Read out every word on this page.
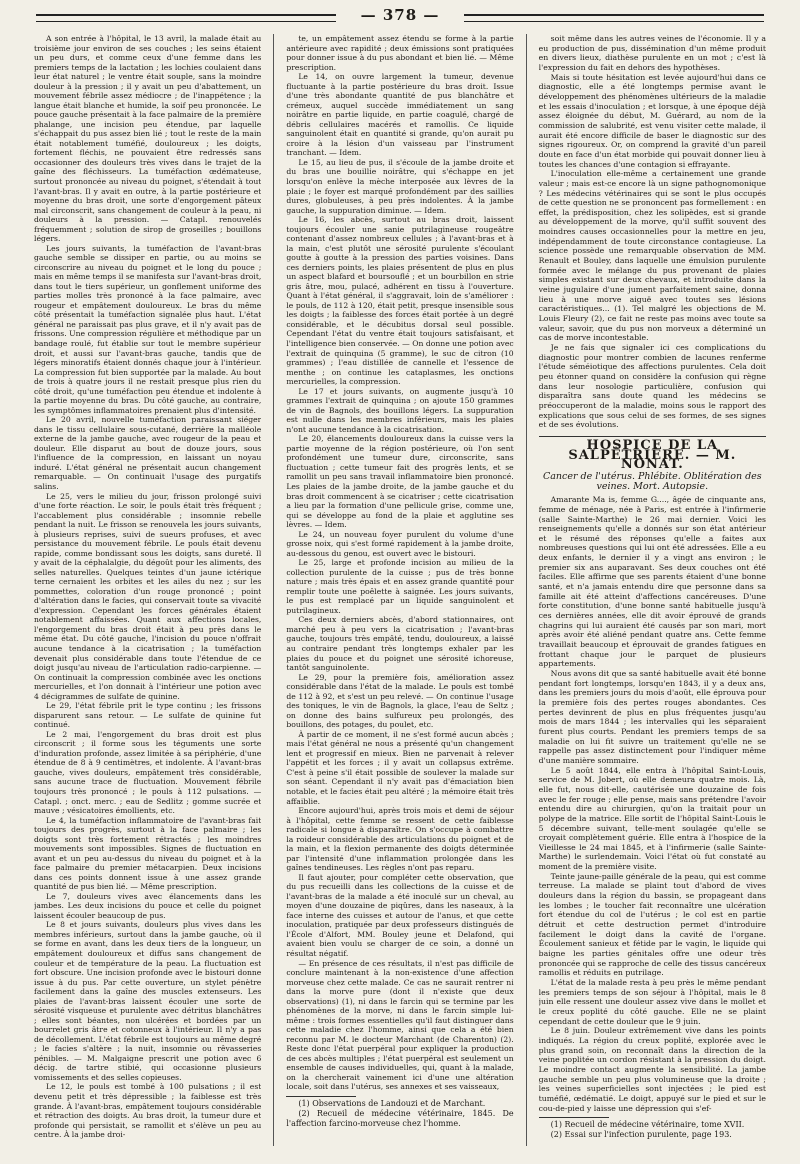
— 378 —

A son entrée à l'hôpital, le 13 avril, la malade était au troisième jour environ de ses couches ; les seins étaient un peu durs, et comme ceux d'une femme dans les premiers temps de la lactation ; les lochies coulaient dans leur état naturel ; le ventre était souple, sans la moindre douleur à la pression ; il y avait un peu d'abattement, un mouvement fébrile assez médiocre ; de l'inappétence ; la langue était blanche et humide, la soif peu prononcée. Le pouce gauche présentait à la face palmaire de la première phalange, une incision peu étendue, par laquelle s'échappait du pus assez bien lié ; tout le reste de la main était notablement tuméfié, douloureux ; les doigts, fortement fléchis, ne pouvaient être redressés sans occasionner des douleurs très vives dans le trajet de la gaîne des fléchisseurs. La tuméfaction œdémateuse, surtout prononcée au niveau du poignet, s'étendait à tout l'avant-bras. Il y avait en outre, à la partie postérieure et moyenne du bras droit, une sorte d'engorgement pâteux mal circonscrit, sans changement de couleur à la peau, ni douleurs à la pression. — Catapl. renouvelés fréquemment ; solution de sirop de groseilles ; bouillons légers.

Les jours suivants, la tuméfaction de l'avant-bras gauche semble se dissiper en partie, ou au moins se circonscrire au niveau du poignet et le long du pouce ; mais en même temps il se manifesta sur l'avant-bras droit, dans tout le tiers supérieur, un gonflement uniforme des parties molles très prononcé à la face palmaire, avec rougeur et empâtement douloureux. Le bras du même côté présentait la tuméfaction signalée plus haut. L'état général ne paraissait pas plus grave, et il n'y avait pas de frissons. Une compression régulière et méthodique par un bandage roulé, fut établie sur tout le membre supérieur droit, et aussi sur l'avant-bras gauche, tandis que de légers minoratifs étaient donnés chaque jour à l'intérieur. La compression fut bien supportée par la malade. Au bout de trois à quatre jours il ne restait presque plus rien du côté droit, qu'une tuméfaction peu étendue et indolente à la partie moyenne du bras. Du côté gauche, au contraire, les symptômes inflammatoires prenaient plus d'intensité.

Le 20 avril, nouvelle tuméfaction paraissant siéger dans le tissu cellulaire sous-cutané, derrière la malléole externe de la jambe gauche, avec rougeur de la peau et douleur. Elle disparut au bout de douze jours, sous l'influence de la compression, en laissant un noyau induré. L'état général ne présentait aucun changement remarquable. — On continuait l'usage des purgatifs salins.

Le 25, vers le milieu du jour, frisson prolongé suivi d'une forte réaction. Le soir, le pouls était très fréquent ; l'accablement plus considérable ; insomnie rebelle pendant la nuit. Le frisson se renouvela les jours suivants, à plusieurs reprises, suivi de sueurs profuses, et avec persistance du mouvement fébrile. Le pouls était devenu rapide, comme bondissant sous les doigts, sans dureté. Il y avait de la céphalalgie, du dégoût pour les aliments, des selles naturelles. Quelques teintes d'un jaune ictérique terne cernaient les orbites et les ailes du nez ; sur les pommettes, coloration d'un rouge prononcé ; point d'altération dans le facies, qui conservait toute sa vivacité d'expression. Cependant les forces générales étaient notablement affaissées. Quant aux affections locales, l'engorgement du bras droit était à peu près dans le même état. Du côté gauche, l'incision du pouce n'offrait aucune tendance à la cicatrisation ; la tuméfaction devenait plus considérable dans toute l'étendue de ce doigt jusqu'au niveau de l'articulation radio-carpienne. — On continuait la compression combinée avec les onctions mercurielles, et l'on donnait à l'intérieur une potion avec 4 décigrammes de sulfate de quinine.

Le 29, l'état fébrile prit le type continu ; les frissons disparurent sans retour. — Le sulfate de quinine fut continué.

Le 2 mai, l'engorgement du bras droit est plus circonscrit ; il forme sous les téguments une sorte d'induration profonde, assez limitée à sa périphérie, d'une étendue de 8 à 9 centimètres, et indolente. À l'avant-bras gauche, vives douleurs, empâtement très considérable, sans aucune trace de fluctuation. Mouvement fébrile toujours très prononcé ; le pouls à 112 pulsations. — Catapl. ; onct. merc. ; eau de Sedlitz ; gomme sucrée et mauve ; vésicatoires émollients, etc.

Le 4, la tuméfaction inflammatoire de l'avant-bras fait toujours des progrès, surtout à la face palmaire ; les doigts sont très fortement rétractés ; les moindres mouvements sont impossibles. Signes de fluctuation en avant et un peu au-dessus du niveau du poignet et à la face palmaire du premier métacarpien. Deux incisions dans ces points donnent issue à une assez grande quantité de pus bien lié. — Même prescription.

Le 7, douleurs vives avec élancements dans les jambes. Les deux incisions du pouce et celle du poignet laissent écouler beaucoup de pus.

Le 8 et jours suivants, douleurs plus vives dans les membres inférieurs, surtout dans la jambe gauche, où il se forme en avant, dans les deux tiers de la longueur, un empâtement douloureux et diffus sans changement de couleur et de température de la peau. La fluctuation est fort obscure. Une incision profonde avec le bistouri donne issue à du pus. Par cette ouverture, un stylet pénètre facilement dans la gaîne des muscles extenseurs. Les plaies de l'avant-bras laissent écouler une sorte de sérosité visqueuse et purulente avec détritus blanchâtres ; elles sont béantes, non ulcérées et bordées par un bourrelet gris âtre et cotonneux à l'intérieur. Il n'y a pas de décollement. L'état fébrile est toujours au même degré ; le facies s'altère ; la nuit, insomnie ou rêvasseries pénibles. — M. Malgaigne prescrit une potion avec 6 décig. de tartre stibié, qui occasionne plusieurs vomissements et des selles copieuses.

Le 12, le pouls est tombé à 100 pulsations ; il est devenu petit et très dépressible ; la faiblesse est très grande. À l'avant-bras, empâtement toujours considérable et rétraction des doigts. Au bras droit, la tumeur dure et profonde qui persistait, se ramollit et s'élève un peu au centre. À la jambe droi-

te, un empâtement assez étendu se forme à la partie antérieure avec rapidité ; deux émissions sont pratiquées pour donner issue à du pus abondant et bien lié. — Même prescription.

Le 14, on ouvre largement la tumeur, devenue fluctuante à la partie postérieure du bras droit. Issue d'une très abondante quantité de pus blanchâtre et crémeux, auquel succède immédiatement un sang noirâtre en partie liquide, en partie coagulé, chargé de débris cellulaires macérés et ramollis. Ce liquide sanguinolent était en quantité si grande, qu'on aurait pu croire à la lésion d'un vaisseau par l'instrument tranchant. — Idem.

Le 15, au lieu de pus, il s'écoule de la jambe droite et du bras une bouillie noirâtre, qui s'échappe en jet lorsqu'on enlève la mèche interposée aux lèvres de la plaie ; le foyer est marqué profondément par des saillies dures, globuleuses, à peu près indolentes. À la jambe gauche, la suppuration diminue. — Idem.

Le 16, les abcès, surtout au bras droit, laissent toujours écouler une sanie putrilagineuse rougeâtre contenant d'assez nombreux cellules ; à l'avant-bras et à la main, c'est plutôt une sérosité purulente s'écoulant goutte à goutte à la pression des parties voisines. Dans ces derniers points, les plaies présentent de plus en plus un aspect blafard et boursouflé ; et un bourbillon en strie gris âtre, mou, pulacé, adhérent en tissu à l'ouverture. Quant à l'état général, il s'aggravait, loin de s'améliorer : le pouls, de 112 à 120, était petit, presque insensible sous les doigts ; la faiblesse des forces était portée à un degré considérable, et le décubitus dorsal seul possible. Cependant l'état du ventre était toujours satisfaisant, et l'intelligence bien conservée. — On donne une potion avec l'extrait de quinquina (5 gramme), le suc de citron (10 grammes) ; l'eau distillée de cannelle et l'essence de menthe ; on continue les cataplasmes, les onctions mercurielles, la compression.

Le 17 et jours suivants, on augmente jusqu'à 10 grammes l'extrait de quinquina ; on ajoute 150 grammes de vin de Bagnols, des bouillons légers. La suppuration est nulle dans les membres inférieurs, mais les plaies n'ont aucune tendance à la cicatrisation.

Le 20, élancements douloureux dans la cuisse vers la partie moyenne de la région postérieure, où l'on sent profondément une tumeur dure, circonscrite, sans fluctuation ; cette tumeur fait des progrès lents, et se ramollit un peu sans travail inflammatoire bien prononcé. Les plaies de la jambe droite, de la jambe gauche et du bras droit commencent à se cicatriser ; cette cicatrisation a lieu par la formation d'une pellicule grise, comme une, qui se développe au fond de la plaie et agglutine ses lèvres. — Idem.

Le 24, un nouveau foyer purulent du volume d'une grosse noix, qui s'est formé rapidement à la jambe droite, au-dessous du genou, est ouvert avec le bistouri.

Le 25, large et profonde incision au milieu de la collection purulente de la cuisse ; pus de très bonne nature ; mais très épais et en assez grande quantité pour remplir toute une poêlette à saignée. Les jours suivants, le pus est remplacé par un liquide sanguinolent et putrilagineux.

Ces deux derniers abcès, d'abord stationnaires, ont marché peu à peu vers la cicatrisation ; l'avant-bras gauche, toujours très empâté, tendu, douloureux, a laissé au contraire pendant très longtemps exhaler par les plaies du pouce et du poignet une sérosité ichoreuse, tantôt sanguinolente.

Le 29, pour la première fois, amélioration assez considérable dans l'état de la malade. Le pouls est tombé de 112 à 92, et s'est un peu relevé. — On continue l'usage des toniques, le vin de Bagnols, la glace, l'eau de Seltz ; on donne des bains sulfureux peu prolongés, des bouillons, des potages, du poulet, etc.

À partir de ce moment, il ne s'est formé aucun abcès ; mais l'état général ne nous a présenté qu'un changement lent et progressif en mieux. Bien ne parvenait à relever l'appétit et les forces ; il y avait un collapsus extrême. C'est à peine s'il était possible de soulever la malade sur son séant. Cependant il n'y avait pas d'émaciation bien notable, et le facies était peu altéré ; la mémoire était très affaiblie.

Encore aujourd'hui, après trois mois et demi de séjour à l'hôpital, cette femme se ressent de cette faiblesse radicale si longue à disparaître. On s'occupe à combattre la roideur considérable des articulations du poignet et de la main, et la flexion permanente des doigts déterminée par l'intensité d'une inflammation prolongée dans les gaînes tendineuses. Les règles n'ont pas reparu.

Il faut ajouter, pour compléter cette observation, que du pus recueilli dans les collections de la cuisse et de l'avant-bras de la malade a été inoculé sur un cheval, au moyen d'une douzaine de piqûres, dans les naseaux, à la face interne des cuisses et autour de l'anus, et que cette inoculation, pratiquée par deux professeurs distingués de l'École d'Alfort, MM. Bouley jeune et Delafond, qui avaient bien voulu se charger de ce soin, a donné un résultat négatif.

— En présence de ces résultats, il n'est pas difficile de conclure maintenant à la non-existence d'une affection morveuse chez cette malade. Ce cas ne saurait rentrer ni dans la morve pure (dont il n'existe que deux observations) (1), ni dans le farcin qui se termine par les phénomènes de la morve, ni dans le farcin simple lui-même : trois formes essentielles qu'il faut distinguer dans cette maladie chez l'homme, ainsi que cela a été bien reconnu par M. le docteur Marchant (de Charenton) (2). Reste donc l'état puerpéral pour expliquer la production de ces abcès multiples ; l'état puerpéral est seulement un ensemble de causes individuelles, qui, quant à la malade, on la chercherait vainement ici d'une une altération locale, soit dans l'utérus, ses annexes et ses vaisseaux,

(1) Observations de Landouzi et de Marchant.

(2) Recueil de médecine vétérinaire, 1845. De l'affection farcino-morveuse chez l'homme.

soit même dans les autres veines de l'économie. Il y a eu production de pus, dissémination d'un même produit en divers lieux, diathèse purulente en un mot ; c'est là l'expression du fait en dehors des hypothèses.

Mais si toute hésitation est levée aujourd'hui dans ce diagnostic, elle a été longtemps permise avant le développement des phénomènes ultérieurs de la maladie et les essais d'inoculation ; et lorsque, à une époque déjà assez éloignée du début, M. Guérard, au nom de la commission de salubrité, est venu visiter cette malade, il aurait été encore difficile de baser le diagnostic sur des signes rigoureux. Or, on comprend la gravité d'un pareil doute en face d'un état morbide qui pouvait donner lieu à toutes les chances d'une contagion si effrayante.

L'inoculation elle-même a certainement une grande valeur ; mais est-ce encore là un signe pathognomonique ? Les médecins vétérinaires qui se sont le plus occupés de cette question ne se prononcent pas formellement : en effet, la prédisposition, chez les solipèdes, est si grande au développement de la morve, qu'il suffit souvent des moindres causes occasionnelles pour la mettre en jeu, indépendamment de toute circonstance contagieuse. La science possède une remarquable observation de MM. Renault et Bouley, dans laquelle une émulsion purulente formée avec le mélange du pus provenant de plaies simples existant sur deux chevaux, et introduite dans la veine jugulaire d'une jument parfaitement saine, donna lieu à une morve aiguë avec toutes ses lésions caractéristiques... (1). Tel malgré les objections de M. Louis Fleury (2), ce fait ne reste pas moins avec toute sa valeur, savoir, que du pus non morveux a déterminé un cas de morve incontestable.

Je ne fais que signaler ici ces complications du diagnostic pour montrer combien de lacunes renferme l'étude séméiotique des affections purulentes. Cela doit peu étonner quand on considère la confusion qui règne dans leur nosologie particulière, confusion qui disparaîtra sans doute quand les médecins se préoccuperont de la maladie, moins sous le rapport des explications que sous celui de ses formes, de ses signes et de ses évolutions.

HOSPICE DE LA SALPÊTRIÈRE. — M. NONAT.
Cancer de l'utérus. Phlébite. Oblitération des veines. Mort. Autopsie.

Amarante Ma is, femme G...., âgée de cinquante ans, femme de ménage, née à Paris, est entrée à l'infirmerie (salle Sainte-Marthe) le 26 mai dernier. Voici les renseignements qu'elle a donnés sur son état antérieur et le résumé des réponses qu'elle a faites aux nombreuses questions qui lui ont été adressées. Elle a eu deux enfants, le dernier il y a vingt ans environ ; le premier six ans auparavant. Ses deux couches ont été faciles. Elle affirme que ses parents étaient d'une bonne santé, et n'a jamais entendu dire que personne dans sa famille ait été atteint d'affections cancéreuses. D'une forte constitution, d'une bonne santé habituelle jusqu'à ces dernières années, elle dit avoir éprouvé de grands chagrins qui lui auraient été causés par son mari, mort après avoir été aliéné pendant quatre ans. Cette femme travaillait beaucoup et éprouvait de grandes fatigues en frottant chaque jour le parquet de plusieurs appartements.

Nous avons dit que sa santé habituelle avait été bonne pendant fort longtemps, lorsqu'en 1843, il y a deux ans, dans les premiers jours du mois d'août, elle éprouva pour la première fois des pertes rouges abondantes. Ces pertes devinrent de plus en plus fréquentes jusqu'au mois de mars 1844 ; les intervalles qui les séparaient furent plus courts. Pendant les premiers temps de sa maladie on lui fit suivre un traitement qu'elle ne se rappelle pas assez distinctement pour l'indiquer même d'une manière sommaire.

Le 5 août 1844, elle entra à l'hôpital Saint-Louis, service de M. Jobert, où elle demeura quatre mois. Là, elle fut, nous dit-elle, cautérisée une douzaine de fois avec le fer rouge ; elle pense, mais sans prétendre l'avoir entendu dire au chirurgien, qu'on la traitait pour un polype de la matrice. Elle sortit de l'hôpital Saint-Louis le 5 décembre suivant, telle-ment soulagée qu'elle se croyait complètement guérie. Elle entra à l'hospice de la Vieillesse le 24 mai 1845, et à l'infirmerie (salle Sainte-Marthe) le surlendemain. Voici l'état où fut constaté au moment de la première visite.

Teinte jaune-paille générale de la peau, qui est comme terreuse. La malade se plaint tout d'abord de vives douleurs dans la région du bassin, se propageant dans les lombes ; le toucher fait reconnaître une ulcération fort étendue du col de l'utérus ; le col est en partie détruit et cette destruction permet d'introduire facilement le doigt dans la cavité de l'organe. Écoulement sanieux et fétide par le vagin, le liquide qui baigne les parties génitales offre une odeur très prononcée qui se rapproche de celle des tissus cancéreux ramollis et réduits en putrilage.

L'état de la malade resta à peu près le même pendant les premiers temps de son séjour à l'hôpital, mais le 8 juin elle ressent une douleur assez vive dans le mollet et le creux poplité du côté gauche. Elle ne se plaint cependant de cette douleur que le 9 juin.

Le 8 juin. Douleur extrêmement vive dans les points indiqués. La région du creux poplité, explorée avec le plus grand soin, on reconnaît dans la direction de la veine poplitée un cordon résistant à la pression du doigt. Le moindre contact augmente la sensibilité. La jambe gauche semble un peu plus volumineuse que la droite ; les veines superficielles sont injectées ; le pied est tuméfié, œdématié. Le doigt, appuyé sur le pied et sur le cou-de-pied y laisse une dépression qui s'ef-

(1) Recueil de médecine vétérinaire, tome XVII.

(2) Essai sur l'infection purulente, page 193.
